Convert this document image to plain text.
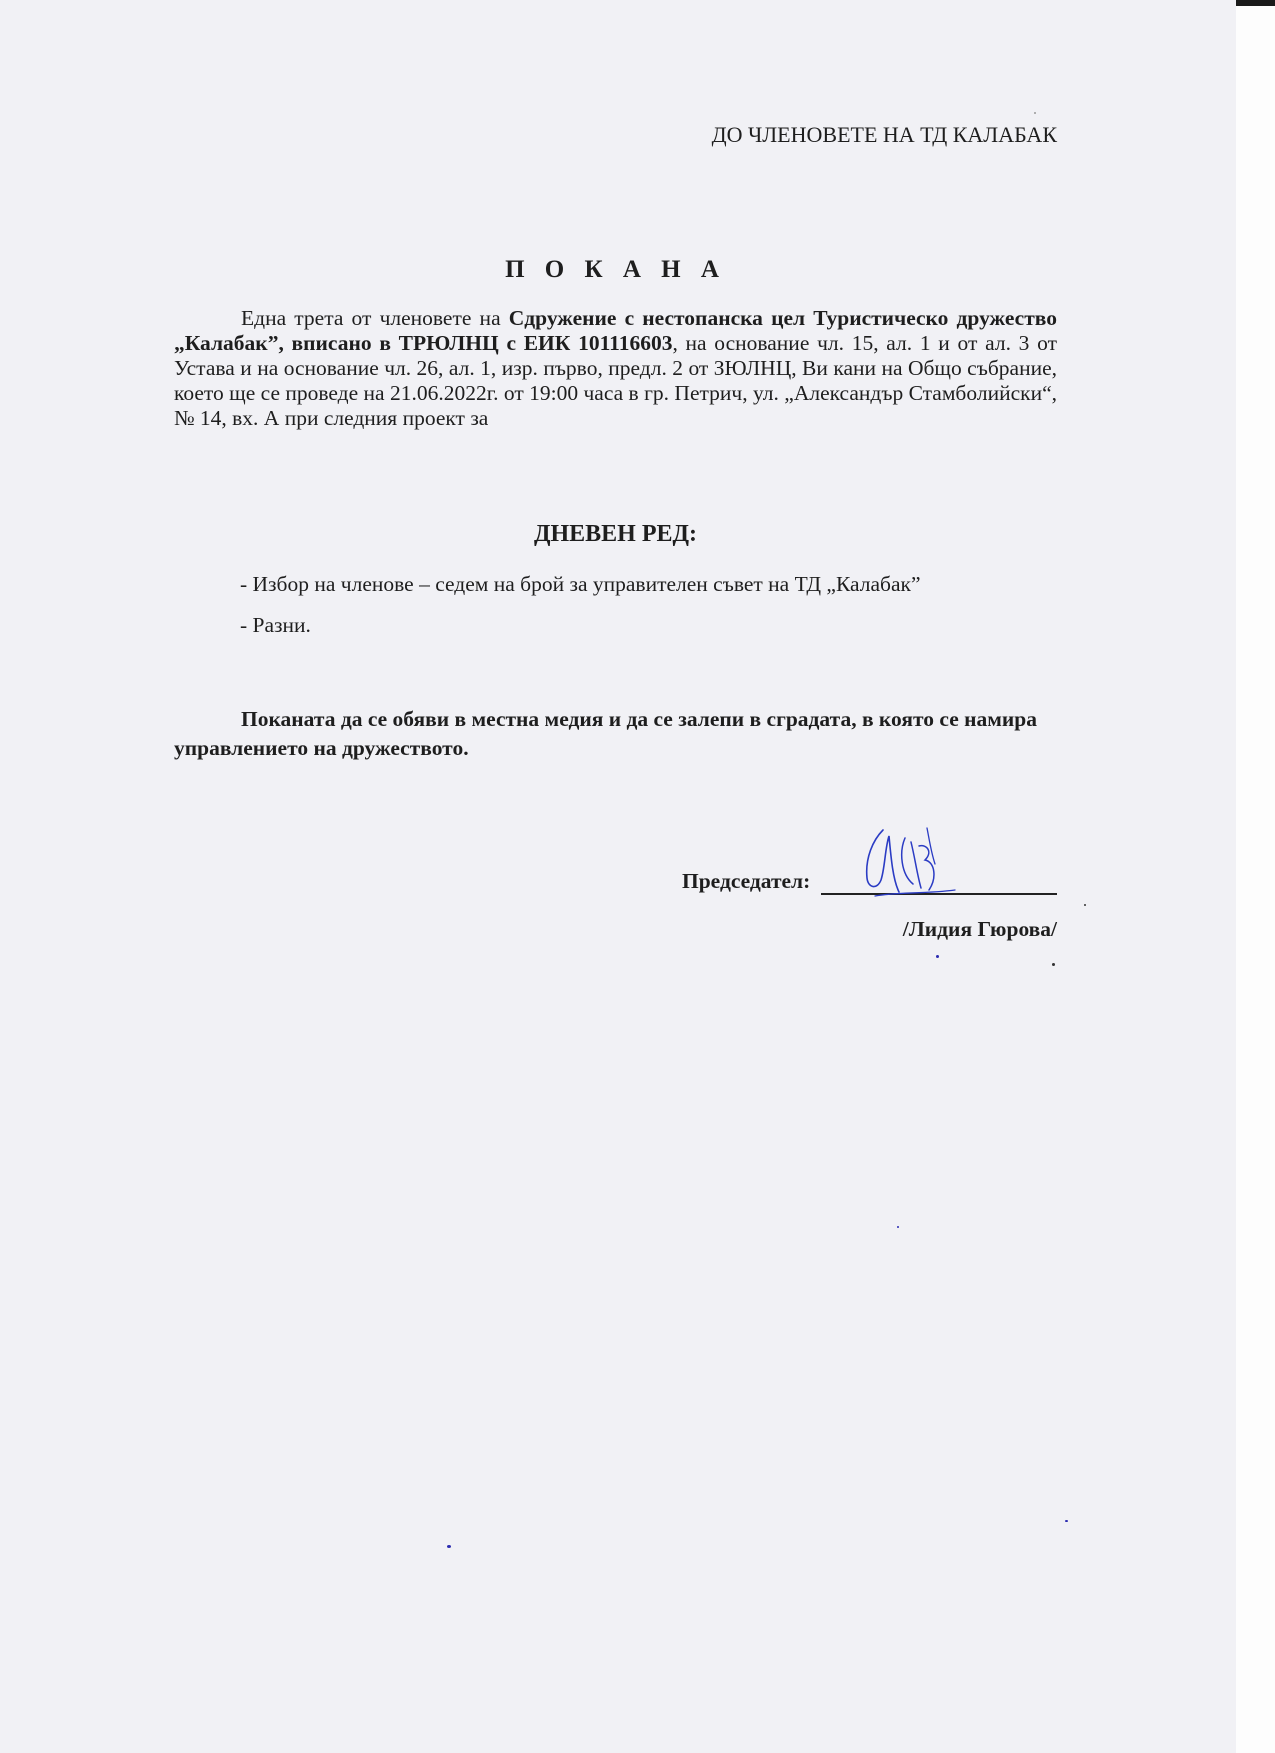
ДО ЧЛЕНОВЕТЕ НА ТД КАЛАБАК

П О К А Н А

Една трета от членовете на Сдружение с нестопанска цел Туристическо дружество „Калабак”, вписано в ТРЮЛНЦ с ЕИК 101116603, на основание чл. 15, ал. 1 и от ал. 3 от Устава и на основание чл. 26, ал. 1, изр. първо, предл. 2 от ЗЮЛНЦ, Ви кани на Общо събрание, което ще се проведе на 21.06.2022г. от 19:00 часа в гр. Петрич, ул. „Александър Стамболийски“, № 14, вх. А при следния проект за

ДНЕВЕН РЕД:

- Избор на членове – седем на брой за управителен съвет на ТД „Калабак”

- Разни.

Поканата да се обяви в местна медия и да се залепи в сградата, в която се намира управлението на дружеството.

Председател:
/Лидия Гюрова/
